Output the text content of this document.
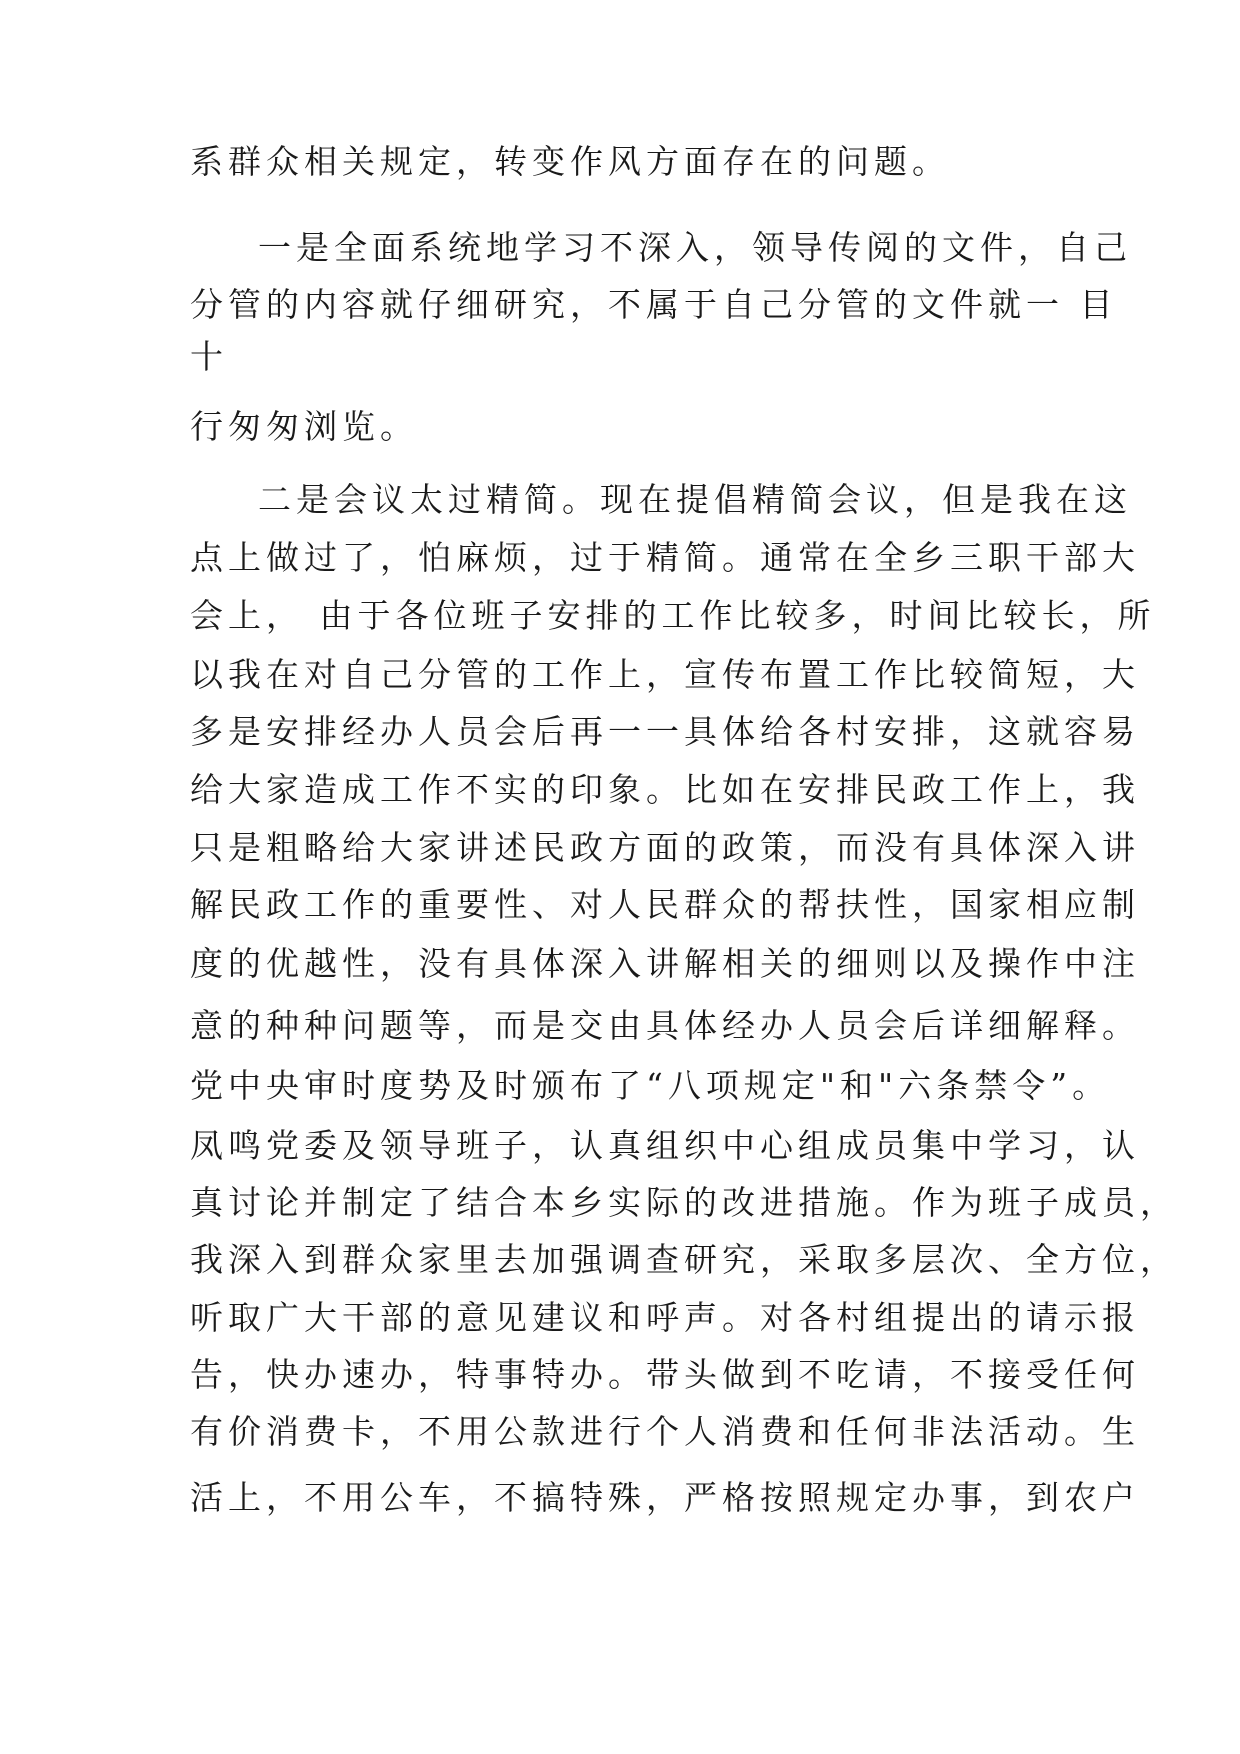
系群众相关规定，转变作风方面存在的问题。
一是全面系统地学习不深入，领导传阅的文件，自己
分管的内容就仔细研究，不属于自己分管的文件就一 目
十
行匆匆浏览。
二是会议太过精简。现在提倡精简会议，但是我在这
点上做过了，怕麻烦，过于精简。通常在全乡三职干部大
会上， 由于各位班子安排的工作比较多，时间比较长，所
以我在对自己分管的工作上，宣传布置工作比较简短，大
多是安排经办人员会后再一一具体给各村安排，这就容易
给大家造成工作不实的印象。比如在安排民政工作上，我
只是粗略给大家讲述民政方面的政策，而没有具体深入讲
解民政工作的重要性、对人民群众的帮扶性，国家相应制
度的优越性，没有具体深入讲解相关的细则以及操作中注
意的种种问题等，而是交由具体经办人员会后详细解释。
党中央审时度势及时颁布了“八项规定"和"六条禁令”。
凤鸣党委及领导班子，认真组织中心组成员集中学习，认
真讨论并制定了结合本乡实际的改进措施。作为班子成员，
我深入到群众家里去加强调查研究，采取多层次、全方位，
听取广大干部的意见建议和呼声。对各村组提出的请示报
告，快办速办，特事特办。带头做到不吃请，不接受任何
有价消费卡，不用公款进行个人消费和任何非法活动。生
活上，不用公车，不搞特殊，严格按照规定办事，到农户
